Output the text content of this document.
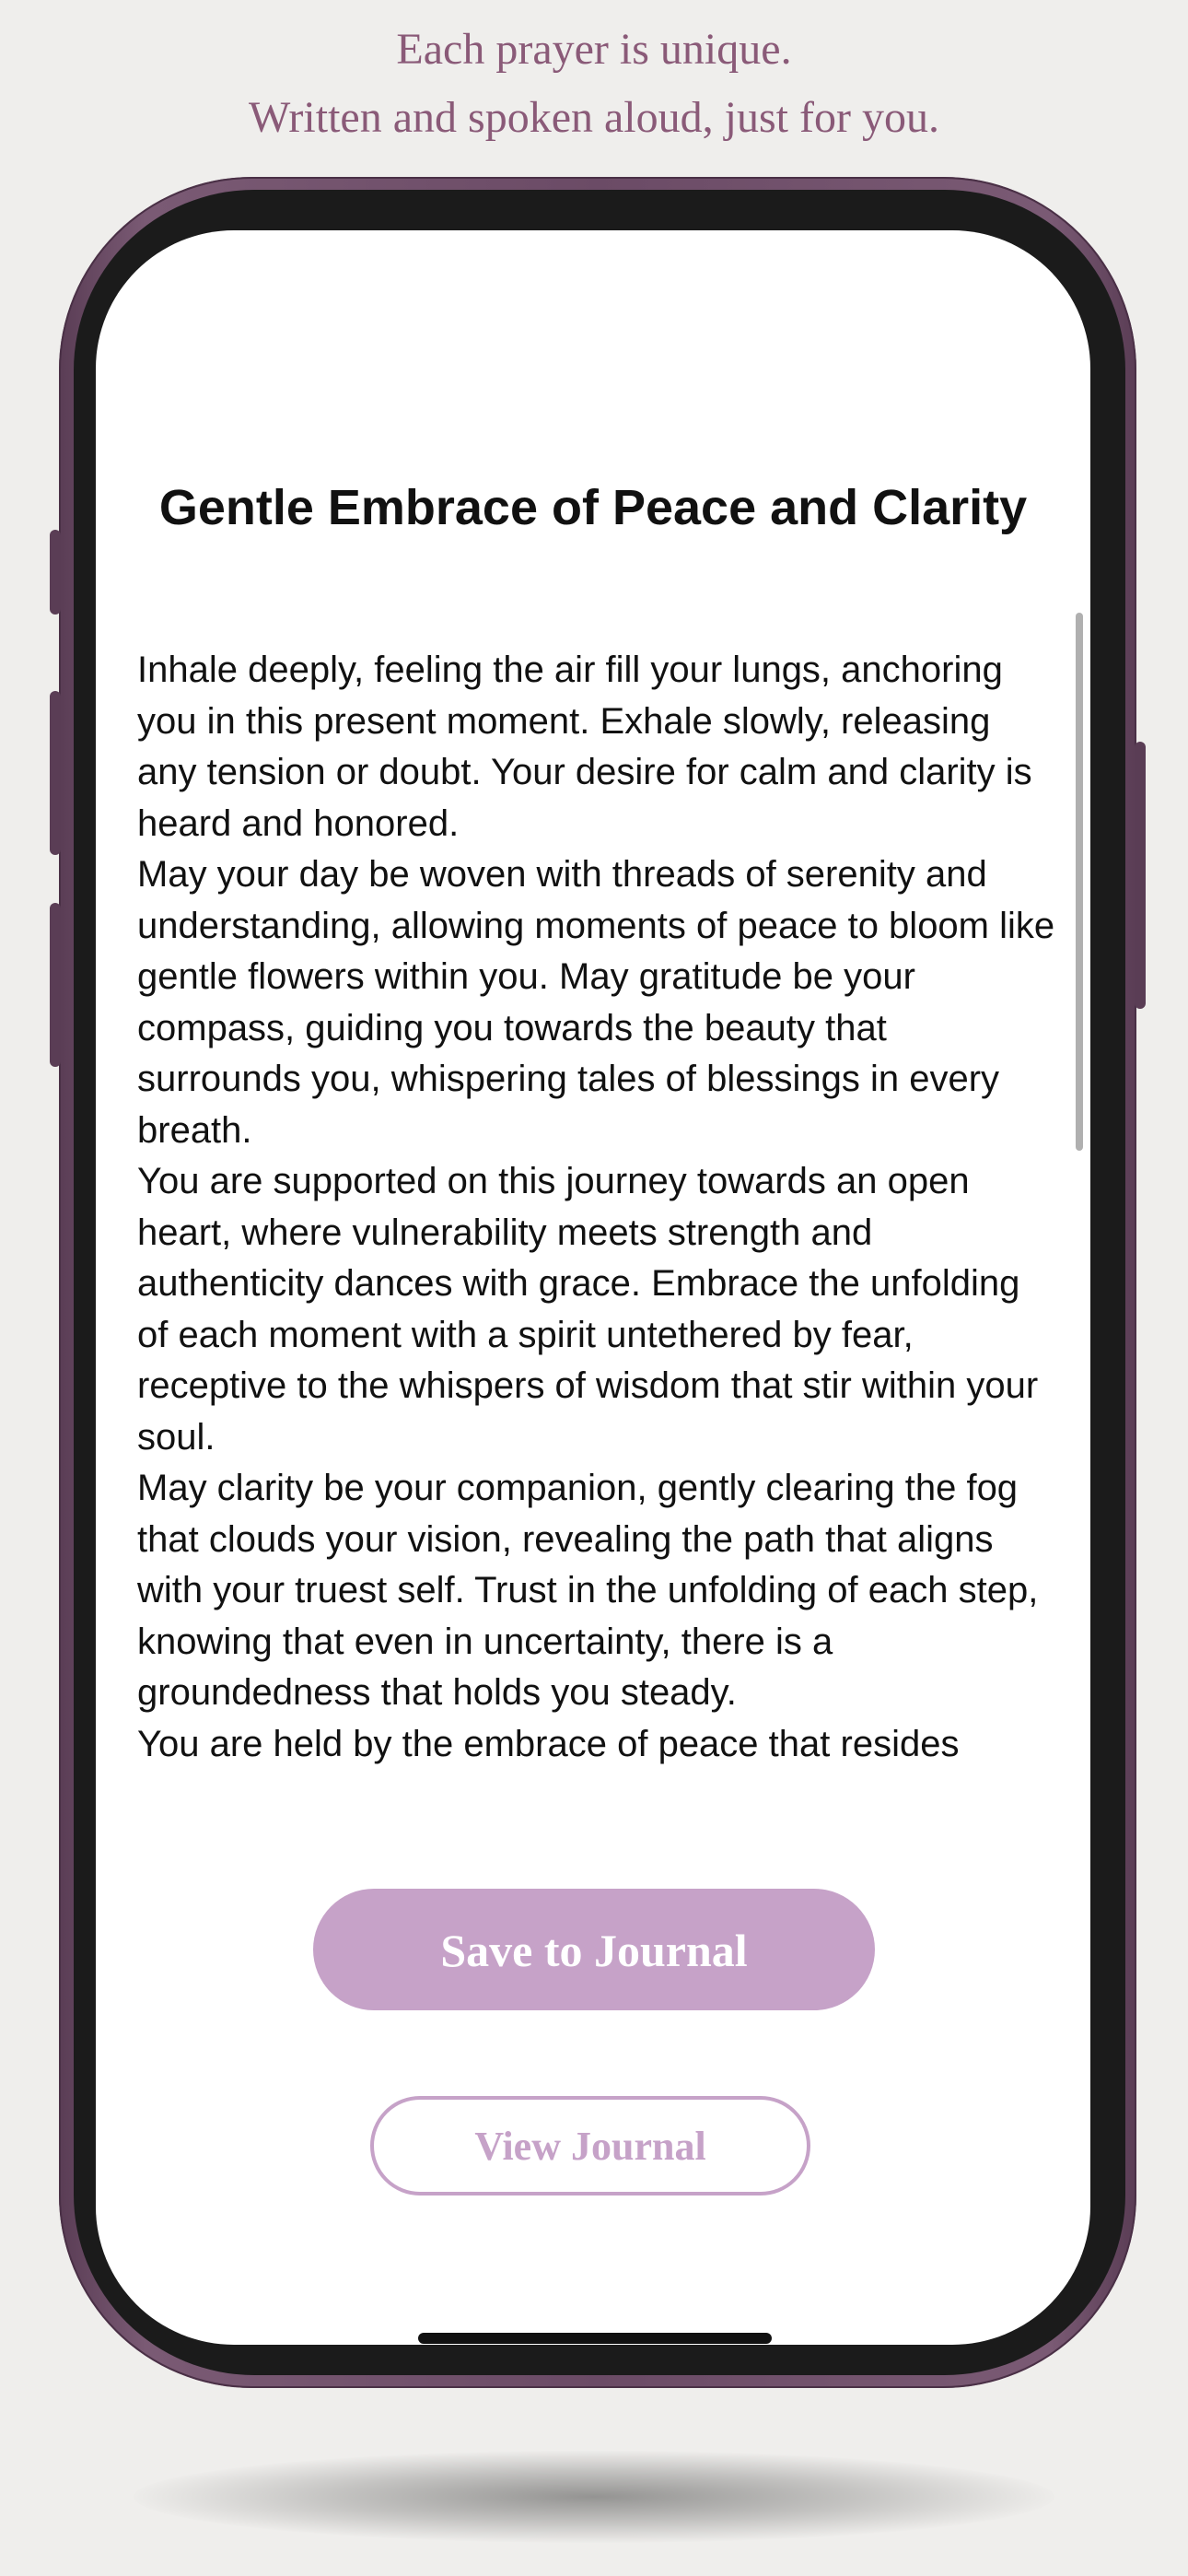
Each prayer is unique.

Written and spoken aloud, just for you.

Gentle Embrace of Peace and Clarity

Inhale deeply, feeling the air fill your lungs, anchoring you in this present moment. Exhale slowly, releasing any tension or doubt. Your desire for calm and clarity is heard and honored.

May your day be woven with threads of serenity and understanding, allowing moments of peace to bloom like gentle flowers within you. May gratitude be your compass, guiding you towards the beauty that surrounds you, whispering tales of blessings in every breath.

You are supported on this journey towards an open heart, where vulnerability meets strength and authenticity dances with grace. Embrace the unfolding of each moment with a spirit untethered by fear, receptive to the whispers of wisdom that stir within your soul.

May clarity be your companion, gently clearing the fog that clouds your vision, revealing the path that aligns with your truest self. Trust in the unfolding of each step, knowing that even in uncertainty, there is a groundedness that holds you steady.

You are held by the embrace of peace that resides

Save to Journal
View Journal
